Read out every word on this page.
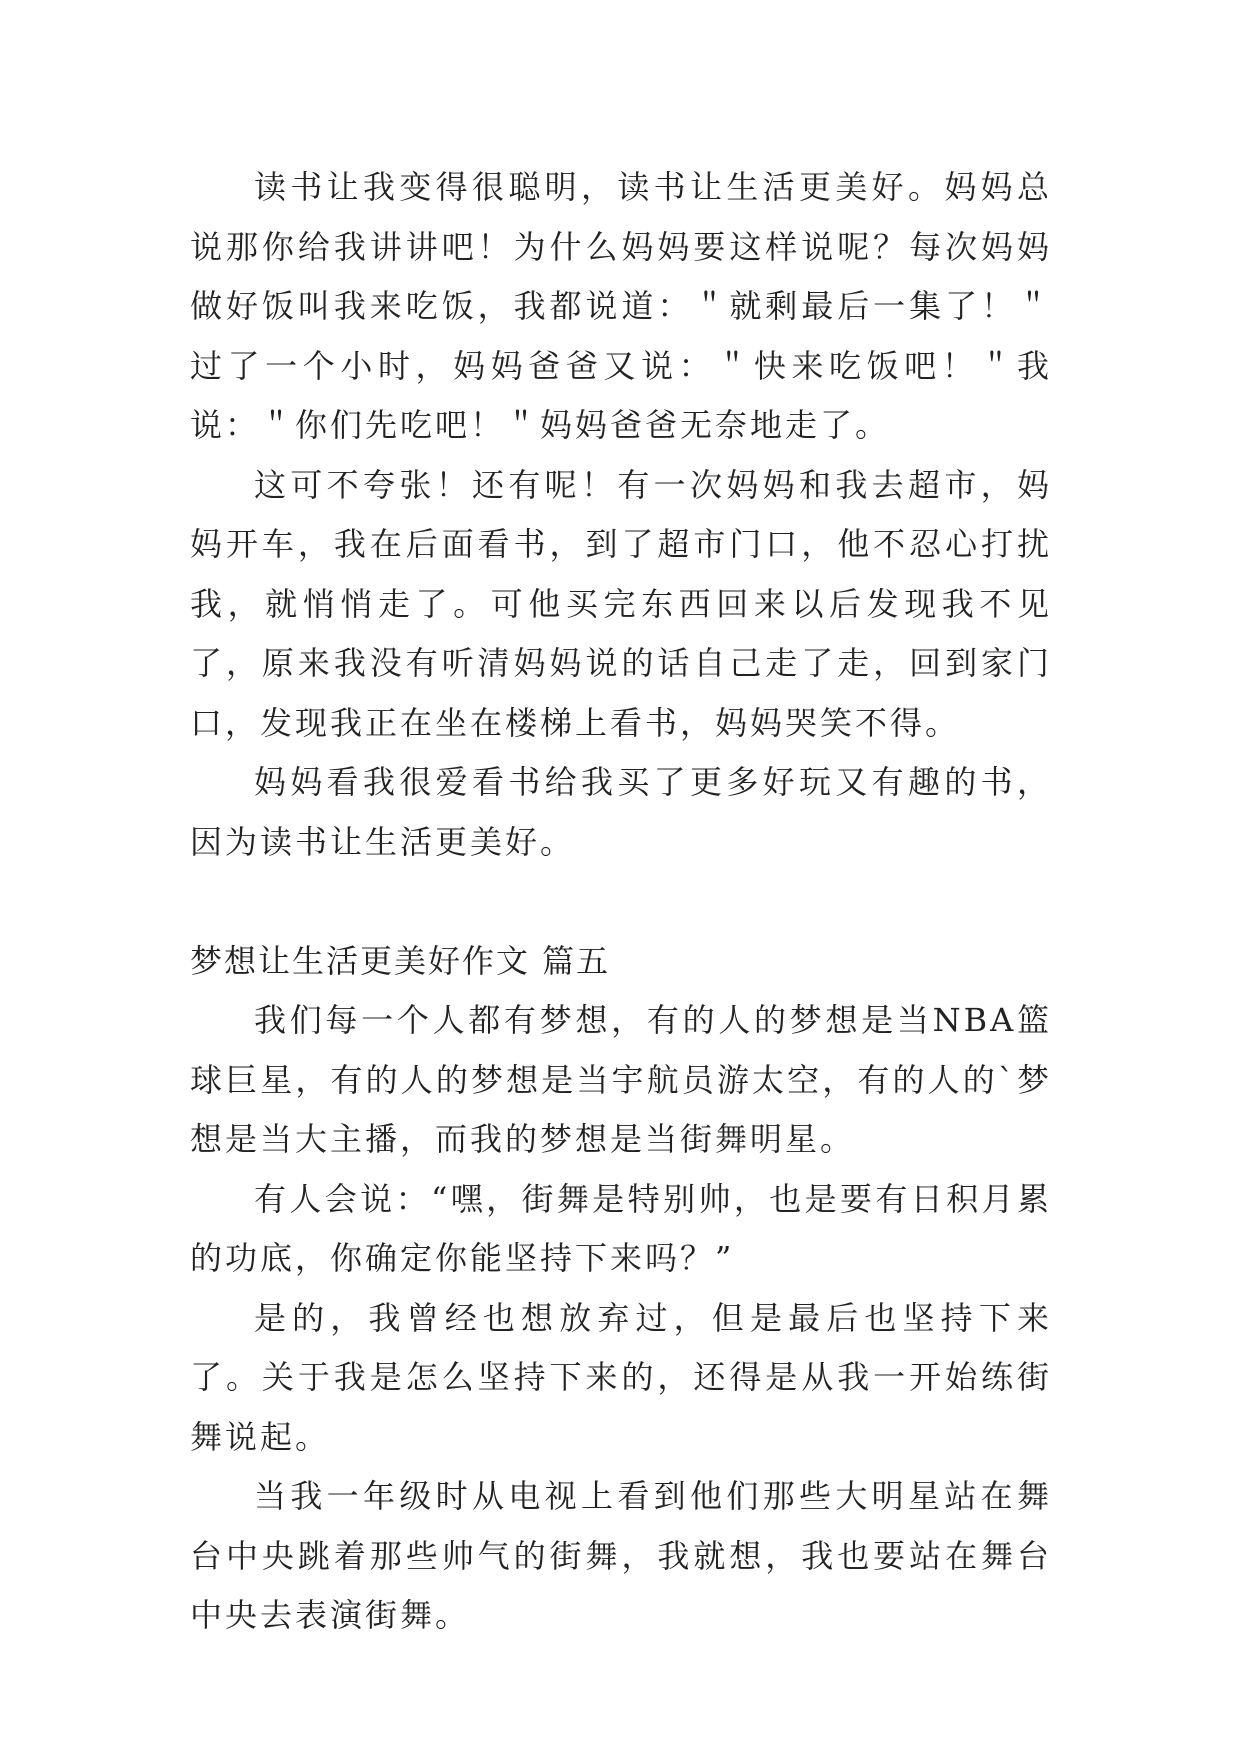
读书让我变得很聪明，读书让生活更美好。妈妈总说那你给我讲讲吧！为什么妈妈要这样说呢？每次妈妈做好饭叫我来吃饭，我都说道：＂就剩最后一集了！＂过了一个小时，妈妈爸爸又说：＂快来吃饭吧！＂我说：＂你们先吃吧！＂妈妈爸爸无奈地走了。

这可不夸张！还有呢！有一次妈妈和我去超市，妈妈开车，我在后面看书，到了超市门口，他不忍心打扰我，就悄悄走了。可他买完东西回来以后发现我不见了，原来我没有听清妈妈说的话自己走了走，回到家门口，发现我正在坐在楼梯上看书，妈妈哭笑不得。

妈妈看我很爱看书给我买了更多好玩又有趣的书，因为读书让生活更美好。

梦想让生活更美好作文 篇五

我们每一个人都有梦想，有的人的梦想是当NBA篮球巨星，有的人的梦想是当宇航员游太空，有的人的`梦想是当大主播，而我的梦想是当街舞明星。

有人会说：“嘿，街舞是特别帅，也是要有日积月累的功底，你确定你能坚持下来吗？”

是的，我曾经也想放弃过，但是最后也坚持下来了。关于我是怎么坚持下来的，还得是从我一开始练街舞说起。

当我一年级时从电视上看到他们那些大明星站在舞台中央跳着那些帅气的街舞，我就想，我也要站在舞台中央去表演街舞。
